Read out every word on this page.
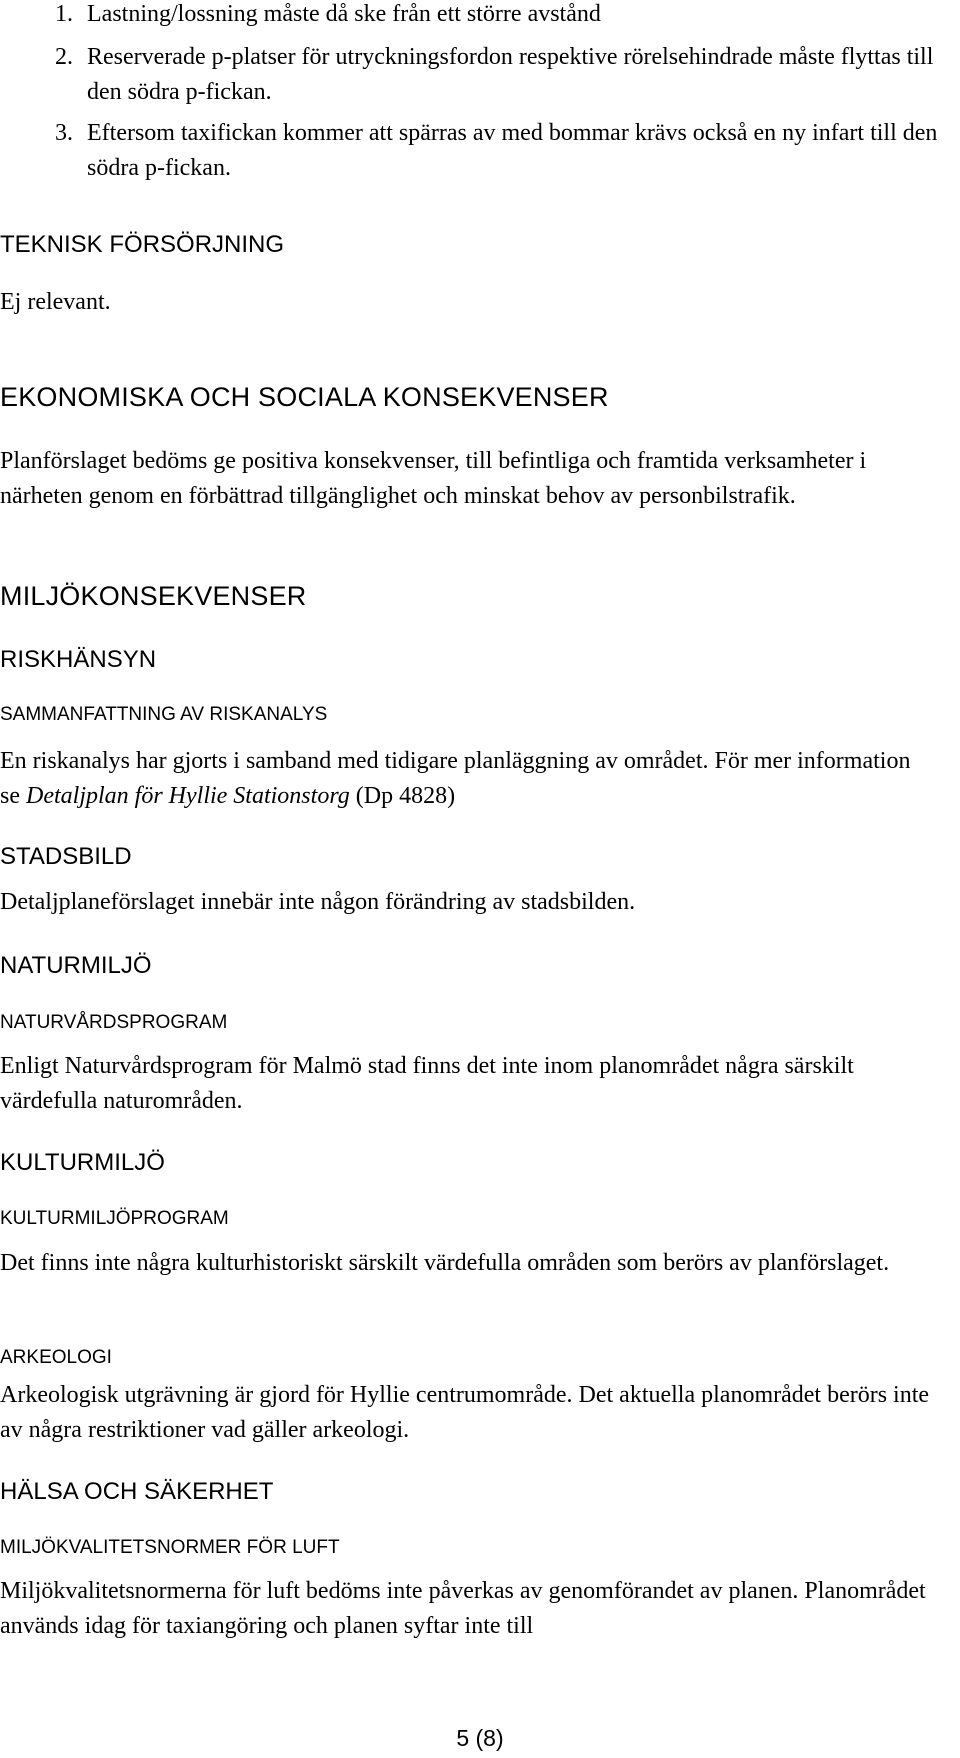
1. Lastning/lossning måste då ske från ett större avstånd
2. Reserverade p-platser för utryckningsfordon respektive rörelsehindrade måste flyttas till den södra p-fickan.
3. Eftersom taxifickan kommer att spärras av med bommar krävs också en ny infart till den södra p-fickan.
TEKNISK FÖRSÖRJNING

Ej relevant.

EKONOMISKA OCH SOCIALA KONSEKVENSER

Planförslaget bedöms ge positiva konsekvenser, till befintliga och framtida verksamheter i närheten genom en förbättrad tillgänglighet och minskat behov av personbilstrafik.

MILJÖKONSEKVENSER
RISKHÄNSYN
SAMMANFATTNING AV RISKANALYS

En riskanalys har gjorts i samband med tidigare planläggning av området. För mer information se Detaljplan för Hyllie Stationstorg (Dp 4828)

STADSBILD

Detaljplaneförslaget innebär inte någon förändring av stadsbilden.

NATURMILJÖ
NATURVÅRDSPROGRAM

Enligt Naturvårdsprogram för Malmö stad finns det inte inom planområdet några särskilt värdefulla naturområden.

KULTURMILJÖ
KULTURMILJÖPROGRAM

Det finns inte några kulturhistoriskt särskilt värdefulla områden som berörs av planförslaget.

ARKEOLOGI

Arkeologisk utgrävning är gjord för Hyllie centrumområde. Det aktuella planområdet berörs inte av några restriktioner vad gäller arkeologi.

HÄLSA OCH SÄKERHET
MILJÖKVALITETSNORMER FÖR LUFT

Miljökvalitetsnormerna för luft bedöms inte påverkas av genomförandet av planen. Planområdet används idag för taxiangöring och planen syftar inte till

5 (8)
